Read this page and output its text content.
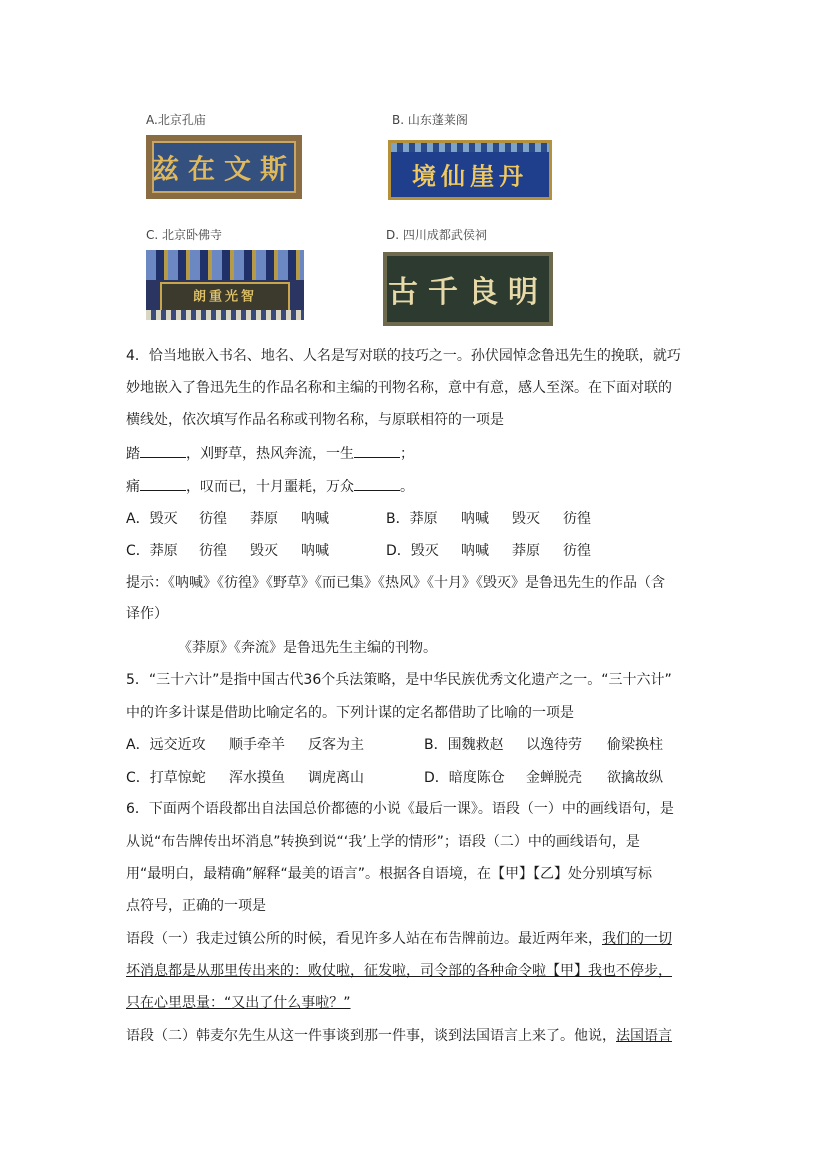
A.北京孔庙
斯文在兹
B. 山东蓬莱阁
丹崖仙境
C. 北京卧佛寺
智光重朗
D. 四川成都武侯祠
明良千古
4．恰当地嵌入书名、地名、人名是写对联的技巧之一。孙伏园悼念鲁迅先生的挽联，就巧
妙地嵌入了鲁迅先生的作品名称和主编的刊物名称，意中有意，感人至深。在下面对联的
横线处，依次填写作品名称或刊物名称，与原联相符的一项是
踏	，刈野草，热风奔流，一生	；
痛	，叹而已，十月噩耗，万众	。
A．毁灭 彷徨 莽原 呐喊	B．莽原 呐喊 毁灭 彷徨
C．莽原 彷徨 毁灭 呐喊	D．毁灭 呐喊 莽原 彷徨
提示：《呐喊》《彷徨》《野草》《而已集》《热风》《十月》《毁灭》是鲁迅先生的作品（含
译作）
《莽原》《奔流》是鲁迅先生主编的刊物。
5．“三十六计”是指中国古代36个兵法策略，是中华民族优秀文化遗产之一。“三十六计”
中的许多计谋是借助比喻定名的。下列计谋的定名都借助了比喻的一项是
A．远交近攻 顺手牵羊 反客为主	B．围魏救赵 以逸待劳 偷梁换柱
C．打草惊蛇 浑水摸鱼 调虎离山	D．暗度陈仓 金蝉脱壳 欲擒故纵
6．下面两个语段都出自法国总价都德的小说《最后一课》。语段（一）中的画线语句，是
从说“布告牌传出坏消息”转换到说“‘我’上学的情形”；语段（二）中的画线语句，是
用“最明白，最精确”解释“最美的语言”。根据各自语境，在【甲】【乙】处分别填写标
点符号，正确的一项是
语段（一）我走过镇公所的时候，看见许多人站在布告牌前边。最近两年来，我们的一切
坏消息都是从那里传出来的：败仗啦，征发啦，司令部的各种命令啦【甲】我也不停步，
只在心里思量：“又出了什么事啦？”
语段（二）韩麦尔先生从这一件事谈到那一件事，谈到法国语言上来了。他说，法国语言
